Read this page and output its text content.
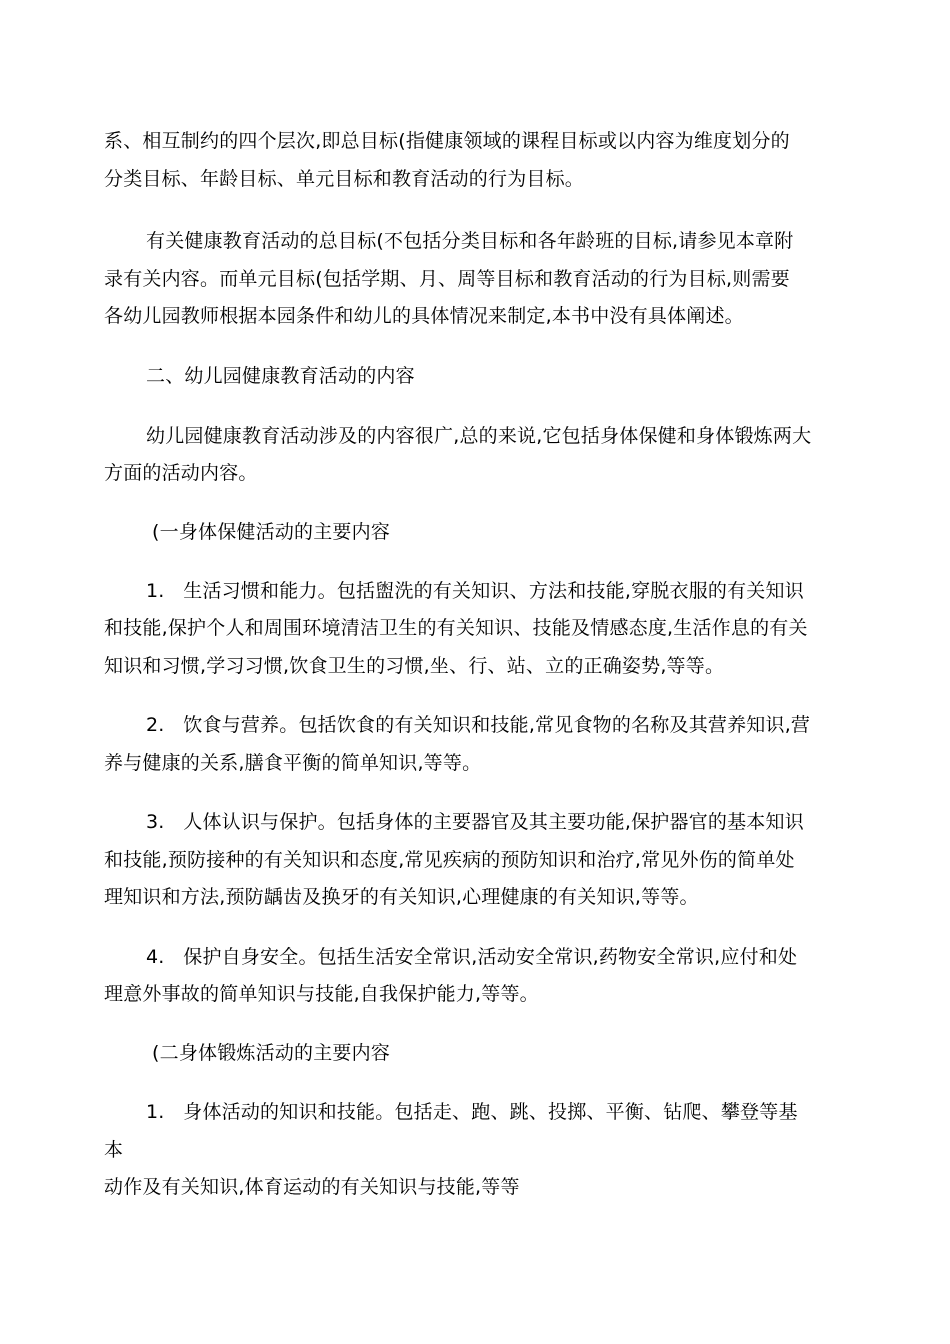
系、相互制约的四个层次,即总目标(指健康领域的课程目标或以内容为维度划分的
分类目标、年龄目标、单元目标和教育活动的行为目标。
有关健康教育活动的总目标(不包括分类目标和各年龄班的目标,请参见本章附
录有关内容。而单元目标(包括学期、月、周等目标和教育活动的行为目标,则需要
各幼儿园教师根据本园条件和幼儿的具体情况来制定,本书中没有具体阐述。
二、幼儿园健康教育活动的内容
幼儿园健康教育活动涉及的内容很广,总的来说,它包括身体保健和身体锻炼两大
方面的活动内容。
(一身体保健活动的主要内容
1.   生活习惯和能力。包括盥洗的有关知识、方法和技能,穿脱衣服的有关知识
和技能,保护个人和周围环境清洁卫生的有关知识、技能及情感态度,生活作息的有关
知识和习惯,学习习惯,饮食卫生的习惯,坐、行、站、立的正确姿势,等等。
2.   饮食与营养。包括饮食的有关知识和技能,常见食物的名称及其营养知识,营
养与健康的关系,膳食平衡的简单知识,等等。
3.   人体认识与保护。包括身体的主要器官及其主要功能,保护器官的基本知识
和技能,预防接种的有关知识和态度,常见疾病的预防知识和治疗,常见外伤的简单处
理知识和方法,预防龋齿及换牙的有关知识,心理健康的有关知识,等等。
4.   保护自身安全。包括生活安全常识,活动安全常识,药物安全常识,应付和处
理意外事故的简单知识与技能,自我保护能力,等等。
(二身体锻炼活动的主要内容
1.   身体活动的知识和技能。包括走、跑、跳、投掷、平衡、钻爬、攀登等基
本
动作及有关知识,体育运动的有关知识与技能,等等
